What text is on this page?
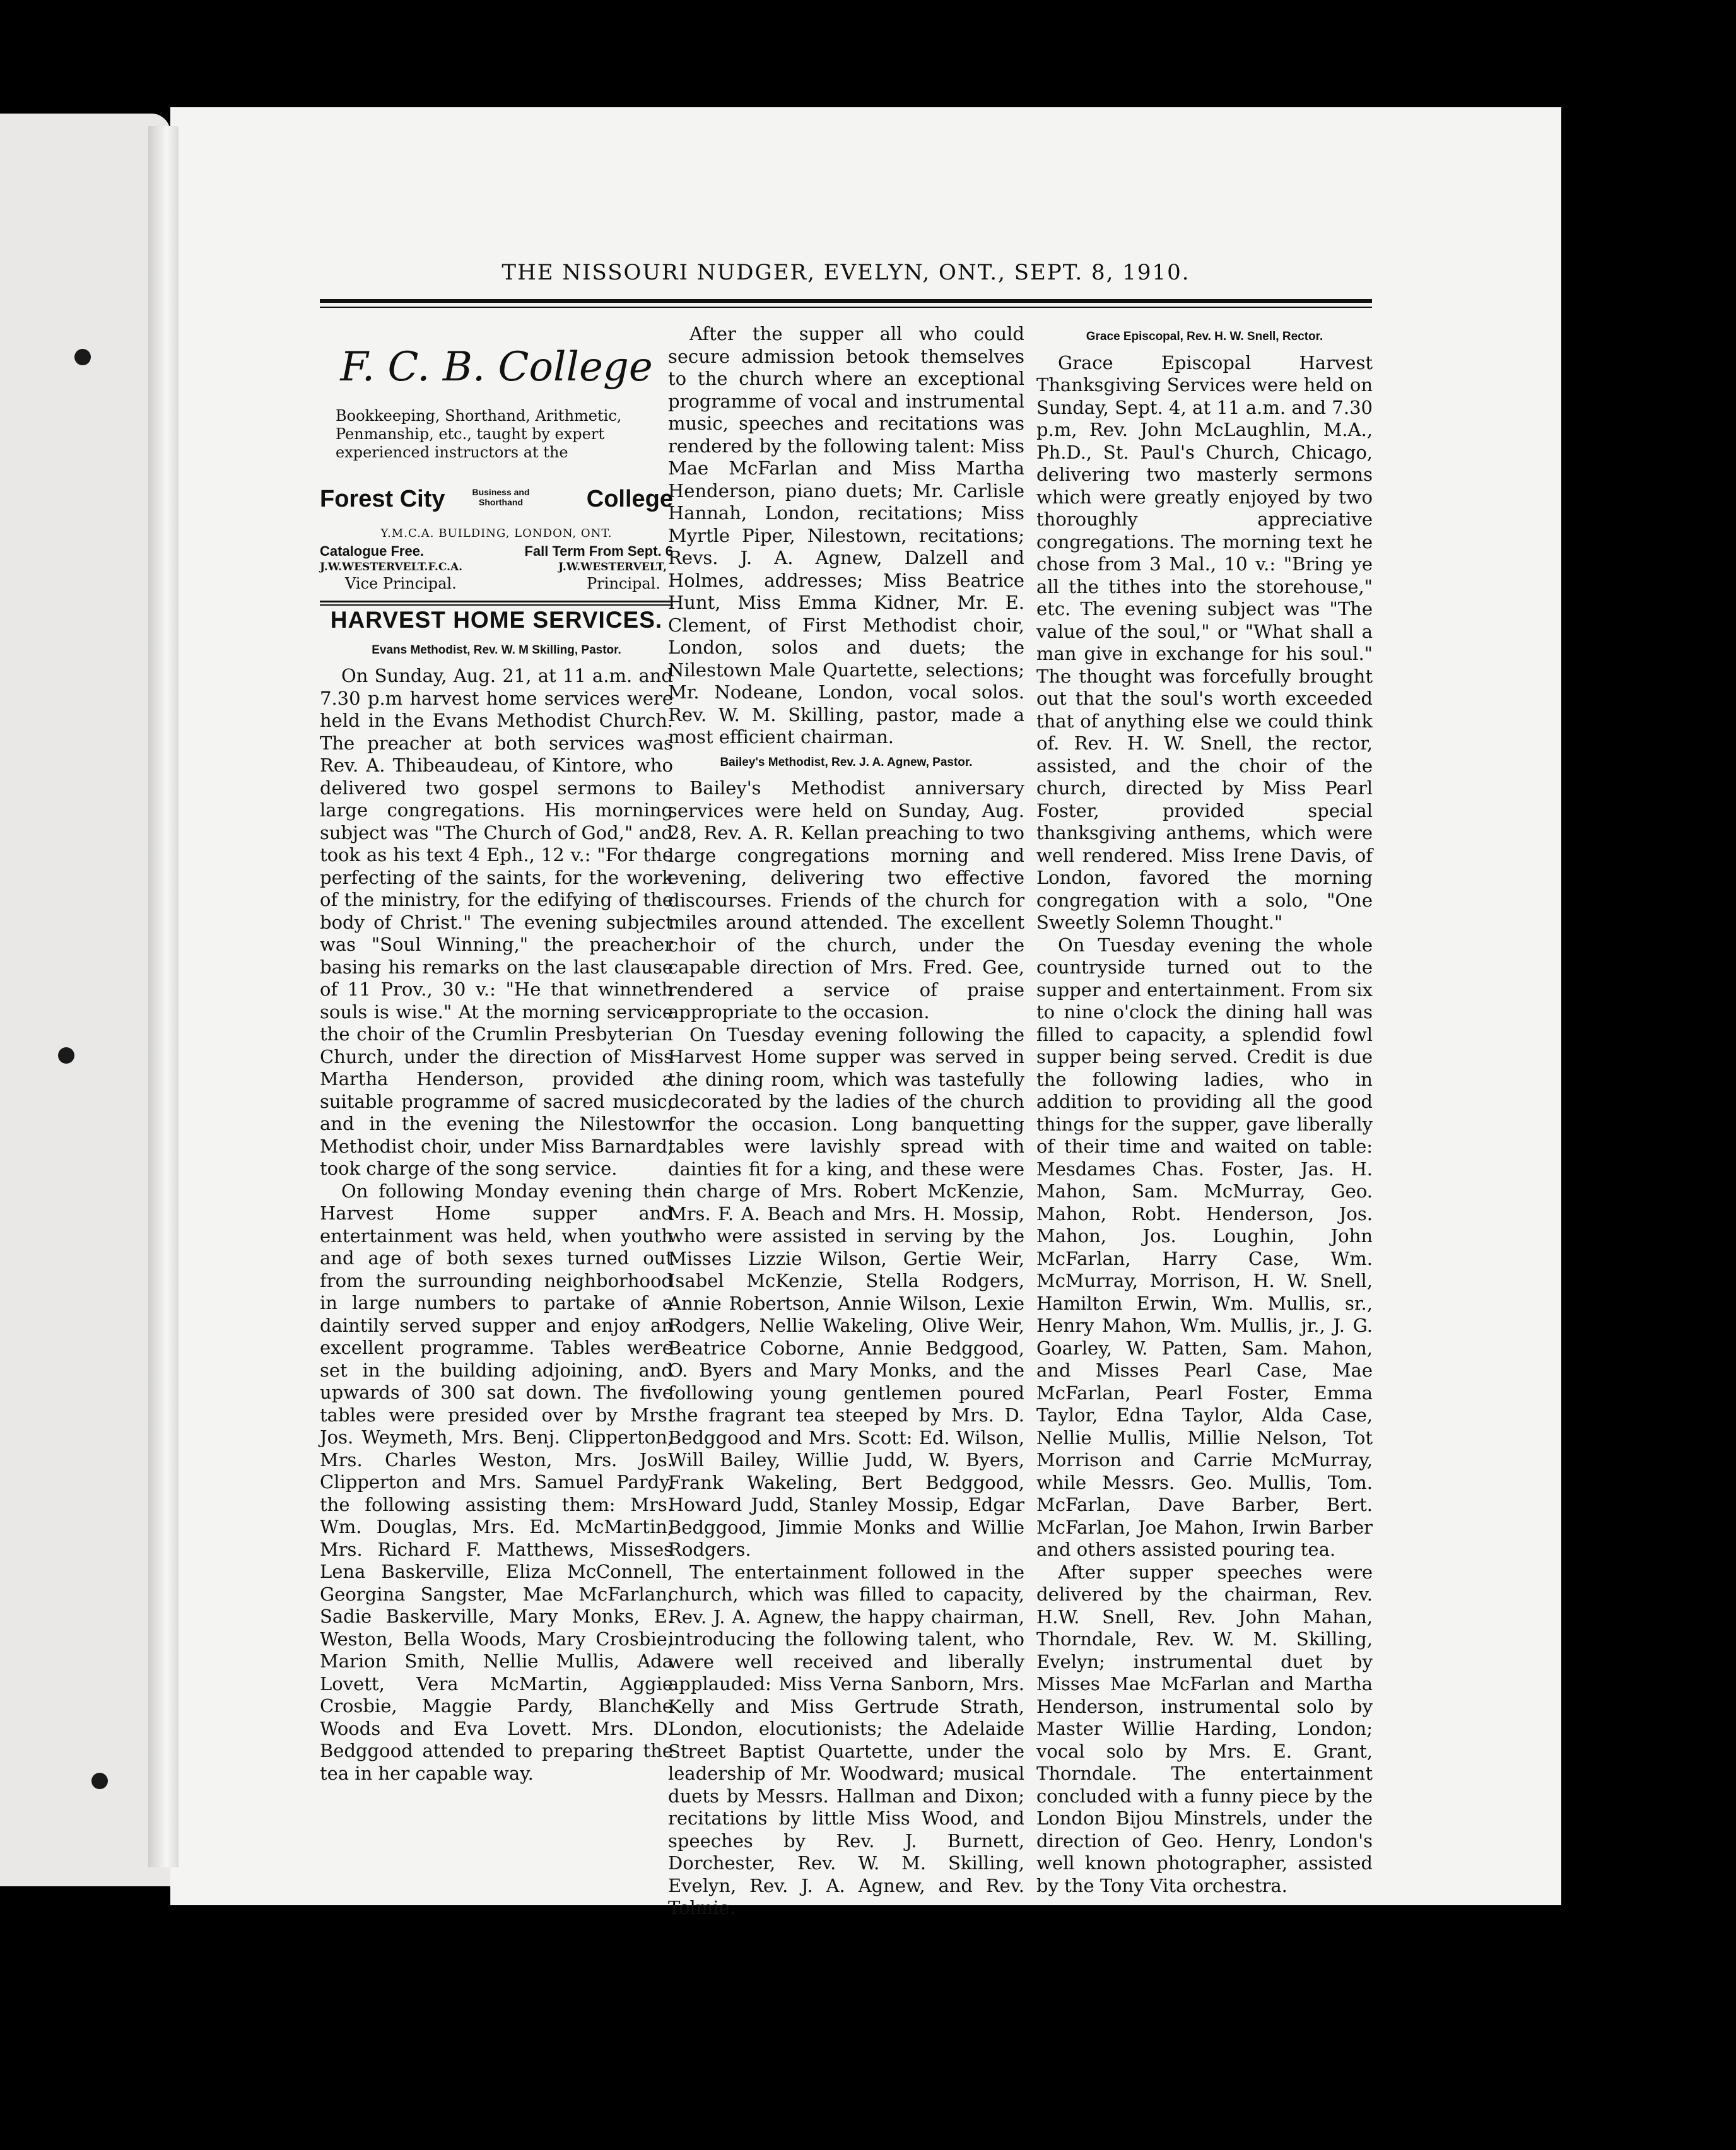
THE NISSOURI NUDGER, EVELYN, ONT., SEPT. 8, 1910.
F. C. B. College
Bookkeeping, Shorthand, Arithmetic, Penmanship, etc., taught by expert experienced instructors at the
Forest City	Business and Shorthand	College
Y.M.C.A. BUILDING, LONDON, ONT.
Catalogue Free.	Fall Term From Sept. 6
J.W.WESTERVELT.F.C.A.	J.W.WESTERVELT,
Vice Principal.	Principal.
HARVEST HOME SERVICES.
Evans Methodist, Rev. W. M Skilling, Pastor.

On Sunday, Aug. 21, at 11 a.m. and 7.30 p.m harvest home services were held in the Evans Methodist Church. The preacher at both services was Rev. A. Thibeaudeau, of Kintore, who delivered two gospel sermons to large congregations. His morning subject was "The Church of God," and took as his text 4 Eph., 12 v.: "For the perfecting of the saints, for the work of the ministry, for the edifying of the body of Christ." The evening subject was "Soul Winning," the preacher basing his remarks on the last clause of 11 Prov., 30 v.: "He that winneth souls is wise." At the morning service the choir of the Crumlin Presbyterian Church, under the direction of Miss Martha Henderson, provided a suitable programme of sacred music, and in the evening the Nilestown Methodist choir, under Miss Barnard, took charge of the song service.

On following Monday evening the Harvest Home supper and entertainment was held, when youth and age of both sexes turned out from the surrounding neighborhood in large numbers to partake of a daintily served supper and enjoy an excellent programme. Tables were set in the building adjoining, and upwards of 300 sat down. The five tables were presided over by Mrs. Jos. Weymeth, Mrs. Benj. Clipperton, Mrs. Charles Weston, Mrs. Jos. Clipperton and Mrs. Samuel Pardy, the following assisting them: Mrs. Wm. Douglas, Mrs. Ed. McMartin, Mrs. Richard F. Matthews, Misses Lena Baskerville, Eliza McConnell, Georgina Sangster, Mae McFarlan, Sadie Baskerville, Mary Monks, E. Weston, Bella Woods, Mary Crosbie, Marion Smith, Nellie Mullis, Ada Lovett, Vera McMartin, Aggie Crosbie, Maggie Pardy, Blanche Woods and Eva Lovett. Mrs. D. Bedggood attended to preparing the tea in her capable way.

After the supper all who could secure admission betook themselves to the church where an exceptional programme of vocal and instrumental music, speeches and recitations was rendered by the following talent: Miss Mae McFarlan and Miss Martha Henderson, piano duets; Mr. Carlisle Hannah, London, recitations; Miss Myrtle Piper, Nilestown, recitations; Revs. J. A. Agnew, Dalzell and Holmes, addresses; Miss Beatrice Hunt, Miss Emma Kidner, Mr. E. Clement, of First Methodist choir, London, solos and duets; the Nilestown Male Quartette, selections; Mr. Nodeane, London, vocal solos. Rev. W. M. Skilling, pastor, made a most efficient chairman.

Bailey's Methodist, Rev. J. A. Agnew, Pastor.

Bailey's Methodist anniversary services were held on Sunday, Aug. 28, Rev. A. R. Kellan preaching to two large congregations morning and evening, delivering two effective discourses. Friends of the church for miles around attended. The excellent choir of the church, under the capable direction of Mrs. Fred. Gee, rendered a service of praise appropriate to the occasion.

On Tuesday evening following the Harvest Home supper was served in the dining room, which was tastefully decorated by the ladies of the church for the occasion. Long banquetting tables were lavishly spread with dainties fit for a king, and these were in charge of Mrs. Robert McKenzie, Mrs. F. A. Beach and Mrs. H. Mossip, who were assisted in serving by the Misses Lizzie Wilson, Gertie Weir, Isabel McKenzie, Stella Rodgers, Annie Robertson, Annie Wilson, Lexie Rodgers, Nellie Wakeling, Olive Weir, Beatrice Coborne, Annie Bedggood, O. Byers and Mary Monks, and the following young gentlemen poured the fragrant tea steeped by Mrs. D. Bedggood and Mrs. Scott: Ed. Wilson, Will Bailey, Willie Judd, W. Byers, Frank Wakeling, Bert Bedggood, Howard Judd, Stanley Mossip, Edgar Bedggood, Jimmie Monks and Willie Rodgers.

The entertainment followed in the church, which was filled to capacity, Rev. J. A. Agnew, the happy chairman, introducing the following talent, who were well received and liberally applauded: Miss Verna Sanborn, Mrs. Kelly and Miss Gertrude Strath, London, elocutionists; the Adelaide Street Baptist Quartette, under the leadership of Mr. Woodward; musical duets by Messrs. Hallman and Dixon; recitations by little Miss Wood, and speeches by Rev. J. Burnett, Dorchester, Rev. W. M. Skilling, Evelyn, Rev. J. A. Agnew, and Rev. Tolmie.

Grace Episcopal, Rev. H. W. Snell, Rector.

Grace Episcopal Harvest Thanksgiving Services were held on Sunday, Sept. 4, at 11 a.m. and 7.30 p.m, Rev. John McLaughlin, M.A., Ph.D., St. Paul's Church, Chicago, delivering two masterly sermons which were greatly enjoyed by two thoroughly appreciative congregations. The morning text he chose from 3 Mal., 10 v.: "Bring ye all the tithes into the storehouse," etc. The evening subject was "The value of the soul," or "What shall a man give in exchange for his soul." The thought was forcefully brought out that the soul's worth exceeded that of anything else we could think of. Rev. H. W. Snell, the rector, assisted, and the choir of the church, directed by Miss Pearl Foster, provided special thanksgiving anthems, which were well rendered. Miss Irene Davis, of London, favored the morning congregation with a solo, "One Sweetly Solemn Thought."

On Tuesday evening the whole countryside turned out to the supper and entertainment. From six to nine o'clock the dining hall was filled to capacity, a splendid fowl supper being served. Credit is due the following ladies, who in addition to providing all the good things for the supper, gave liberally of their time and waited on table: Mesdames Chas. Foster, Jas. H. Mahon, Sam. McMurray, Geo. Mahon, Robt. Henderson, Jos. Mahon, Jos. Loughin, John McFarlan, Harry Case, Wm. McMurray, Morrison, H. W. Snell, Hamilton Erwin, Wm. Mullis, sr., Henry Mahon, Wm. Mullis, jr., J. G. Goarley, W. Patten, Sam. Mahon, and Misses Pearl Case, Mae McFarlan, Pearl Foster, Emma Taylor, Edna Taylor, Alda Case, Nellie Mullis, Millie Nelson, Tot Morrison and Carrie McMurray, while Messrs. Geo. Mullis, Tom. McFarlan, Dave Barber, Bert. McFarlan, Joe Mahon, Irwin Barber and others assisted pouring tea.

After supper speeches were delivered by the chairman, Rev. H.W. Snell, Rev. John Mahan, Thorndale, Rev. W. M. Skilling, Evelyn; instrumental duet by Misses Mae McFarlan and Martha Henderson, instrumental solo by Master Willie Harding, London; vocal solo by Mrs. E. Grant, Thorndale. The entertainment concluded with a funny piece by the London Bijou Minstrels, under the direction of Geo. Henry, London's well known photographer, assisted by the Tony Vita orchestra.
